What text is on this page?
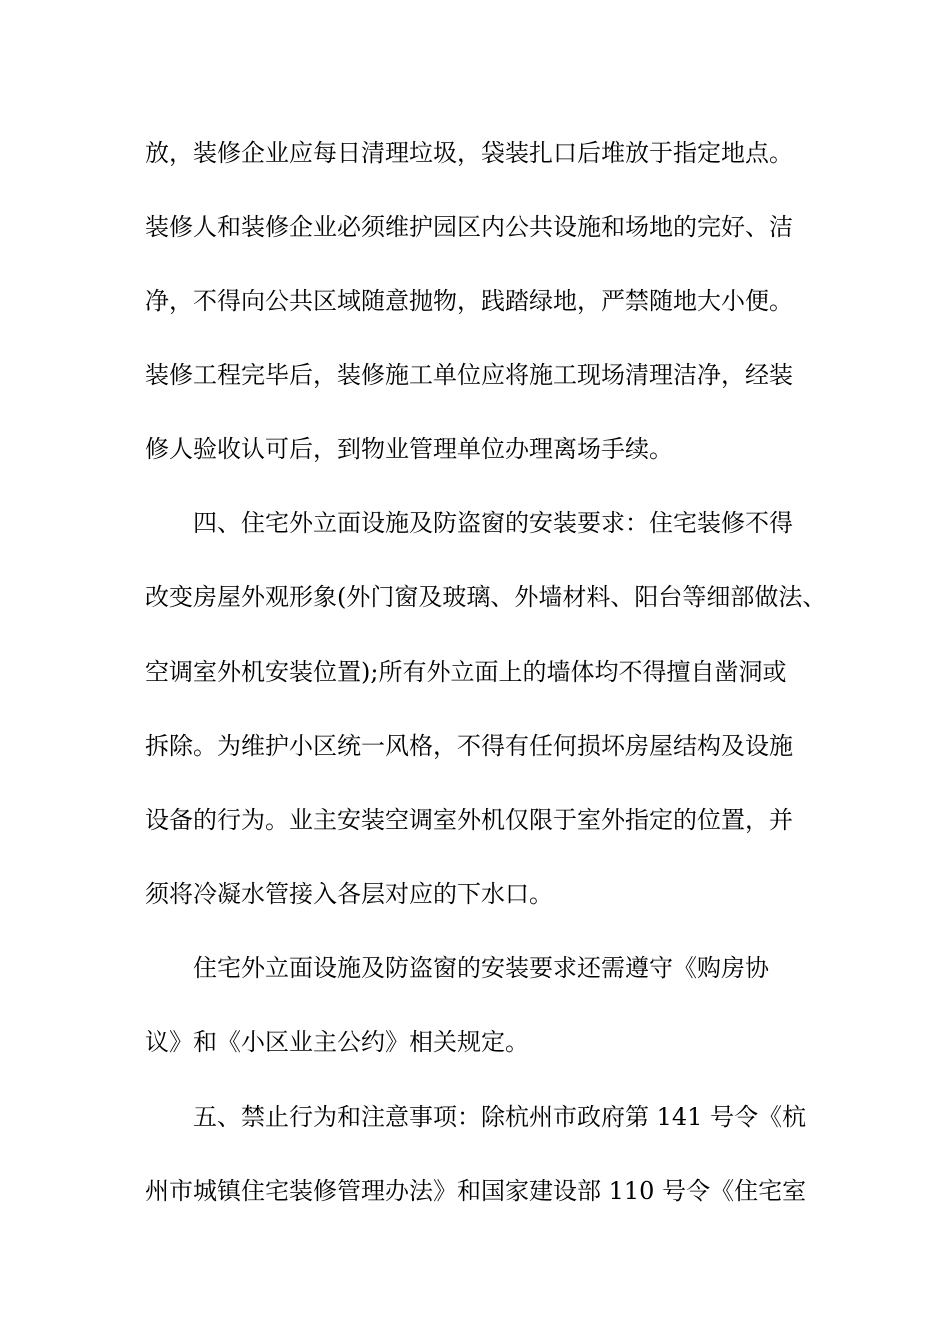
放，装修企业应每日清理垃圾，袋装扎口后堆放于指定地点。
装修人和装修企业必须维护园区内公共设施和场地的完好、洁
净，不得向公共区域随意抛物，践踏绿地，严禁随地大小便。
装修工程完毕后，装修施工单位应将施工现场清理洁净，经装
修人验收认可后，到物业管理单位办理离场手续。
四、住宅外立面设施及防盗窗的安装要求：住宅装修不得
改变房屋外观形象(外门窗及玻璃、外墙材料、阳台等细部做法、
空调室外机安装位置);所有外立面上的墙体均不得擅自凿洞或
拆除。为维护小区统一风格，不得有任何损坏房屋结构及设施
设备的行为。业主安装空调室外机仅限于室外指定的位置，并
须将冷凝水管接入各层对应的下水口。
住宅外立面设施及防盗窗的安装要求还需遵守《购房协
议》和《小区业主公约》相关规定。
五、禁止行为和注意事项：除杭州市政府第 141 号令《杭
州市城镇住宅装修管理办法》和国家建设部 110 号令《住宅室
